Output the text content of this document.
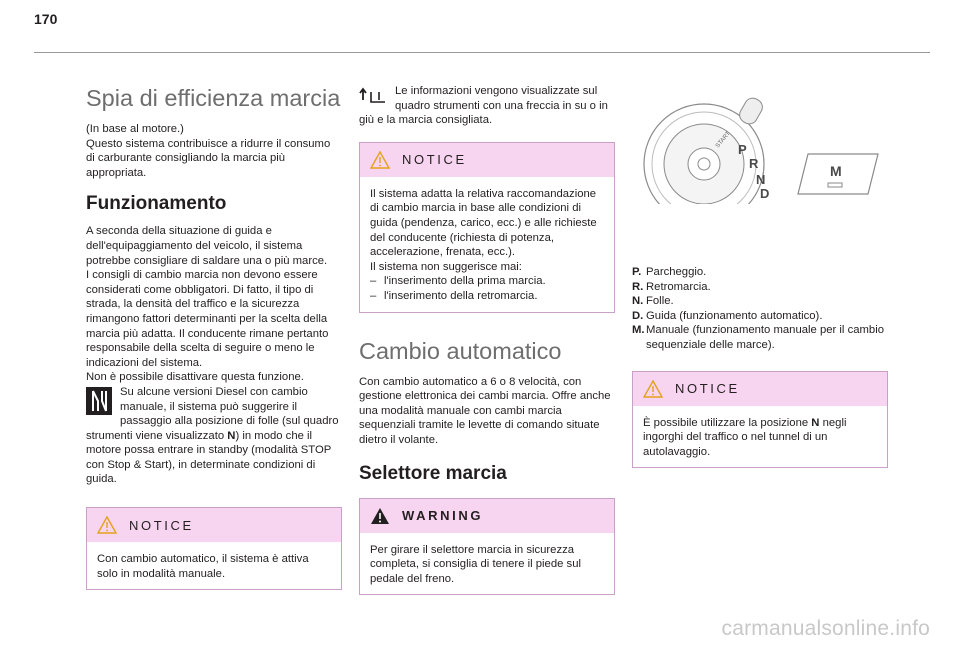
170
Spia di efficienza marcia

(In base al motore.)

Questo sistema contribuisce a ridurre il consumo di carburante consigliando la marcia più appropriata.

Funzionamento

A seconda della situazione di guida e dell'equipaggiamento del veicolo, il sistema potrebbe consigliare di saldare una o più marce.

I consigli di cambio marcia non devono essere considerati come obbligatori. Di fatto, il tipo di strada, la densità del traffico e la sicurezza rimangono fattori determinanti per la scelta della marcia più adatta. Il conducente rimane pertanto responsabile della scelta di seguire o meno le indicazioni del sistema.

Non è possibile disattivare questa funzione.

Su alcune versioni Diesel con cambio manuale, il sistema può suggerire il passaggio alla posizione di folle (sul quadro strumenti viene visualizzato N) in modo che il motore possa entrare in standby (modalità STOP con Stop & Start), in determinate condizioni di guida.

NOTICE

Con cambio automatico, il sistema è attiva solo in modalità manuale.

Le informazioni vengono visualizzate sul quadro strumenti con una freccia in su o in giù e la marcia consigliata.

NOTICE

Il sistema adatta la relativa raccomandazione di cambio marcia in base alle condizioni di guida (pendenza, carico, ecc.) e alle richieste del conducente (richiesta di potenza, accelerazione, frenata, ecc.).

Il sistema non suggerisce mai:

– l'inserimento della prima marcia.

– l'inserimento della retromarcia.

Cambio automatico

Con cambio automatico a 6 o 8 velocità, con gestione elettronica dei cambi marcia. Offre anche una modalità manuale con cambi marcia sequenziali tramite le levette di comando situate dietro il volante.

Selettore marcia
WARNING

Per girare il selettore marcia in sicurezza completa, si consiglia di tenere il piede sul pedale del freno.

P
R
N
D
START
M
P. Parcheggio.
R. Retromarcia.
N. Folle.
D. Guida (funzionamento automatico).
M. Manuale (funzionamento manuale per il cambio sequenziale delle marce).
NOTICE

È possibile utilizzare la posizione N negli ingorghi del traffico o nel tunnel di un autolavaggio.

carmanualsonline.info
